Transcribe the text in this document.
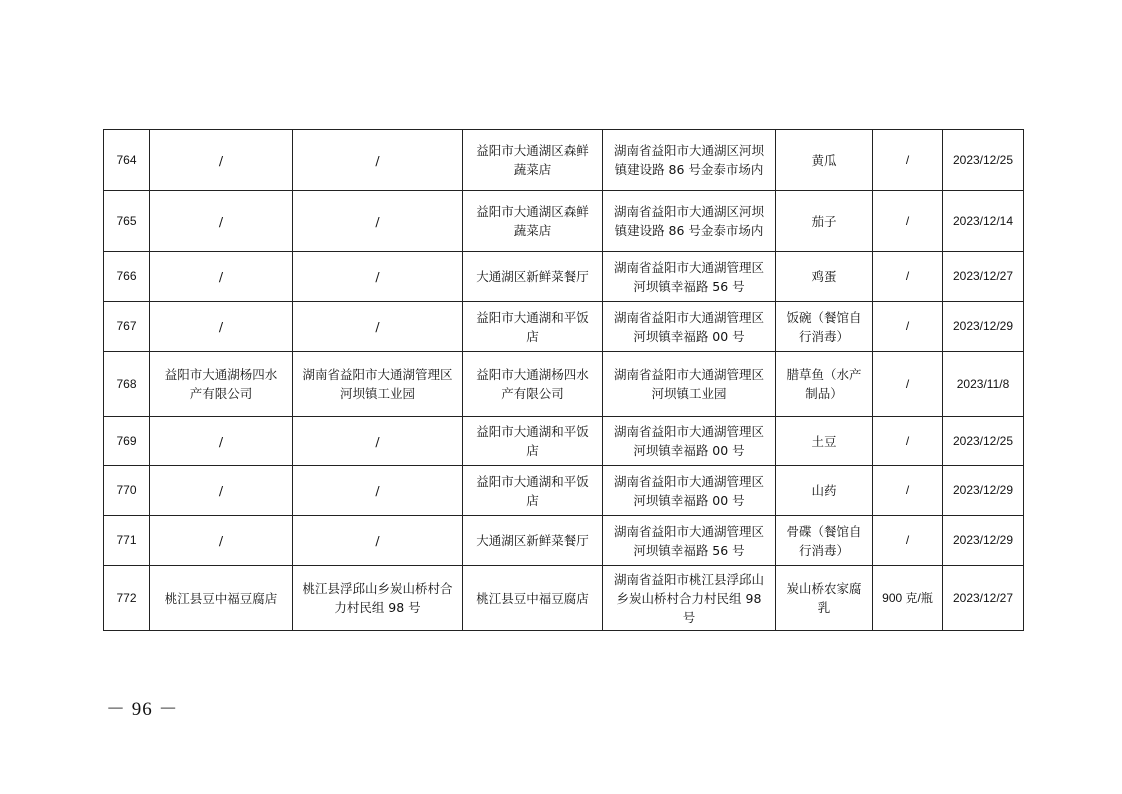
764	/	/	益阳市大通湖区森鲜蔬菜店	湖南省益阳市大通湖区河坝镇建设路 86 号金泰市场内	黄瓜	/	2023/12/25
765	/	/	益阳市大通湖区森鲜蔬菜店	湖南省益阳市大通湖区河坝镇建设路 86 号金泰市场内	茄子	/	2023/12/14
766	/	/	大通湖区新鲜菜餐厅	湖南省益阳市大通湖管理区河坝镇幸福路 56 号	鸡蛋	/	2023/12/27
767	/	/	益阳市大通湖和平饭店	湖南省益阳市大通湖管理区河坝镇幸福路 00 号	饭碗（餐馆自行消毒）	/	2023/12/29
768	益阳市大通湖杨四水产有限公司	湖南省益阳市大通湖管理区河坝镇工业园	益阳市大通湖杨四水产有限公司	湖南省益阳市大通湖管理区河坝镇工业园	腊草鱼（水产制品）	/	2023/11/8
769	/	/	益阳市大通湖和平饭店	湖南省益阳市大通湖管理区河坝镇幸福路 00 号	土豆	/	2023/12/25
770	/	/	益阳市大通湖和平饭店	湖南省益阳市大通湖管理区河坝镇幸福路 00 号	山药	/	2023/12/29
771	/	/	大通湖区新鲜菜餐厅	湖南省益阳市大通湖管理区河坝镇幸福路 56 号	骨碟（餐馆自行消毒）	/	2023/12/29
772	桃江县豆中福豆腐店	桃江县浮邱山乡炭山桥村合力村民组 98 号	桃江县豆中福豆腐店	湖南省益阳市桃江县浮邱山乡炭山桥村合力村民组 98 号	炭山桥农家腐乳	900 克/瓶	2023/12/27
－ 96 －
